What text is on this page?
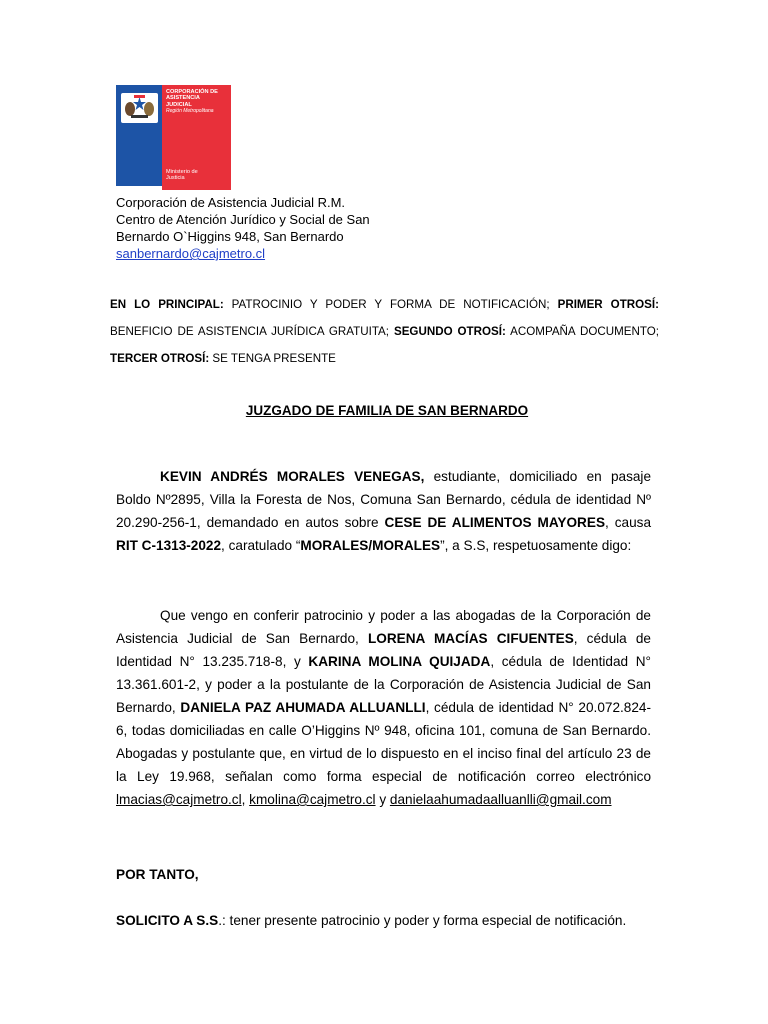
CORPORACIÓN DE
ASISTENCIA
JUDICIAL
Región Metropolitana
Ministerio de
Justicia
Corporación de Asistencia Judicial R.M.
Centro de Atención Jurídico y Social de San
Bernardo O`Higgins 948, San Bernardo
sanbernardo@cajmetro.cl
EN LO PRINCIPAL: PATROCINIO Y PODER Y FORMA DE NOTIFICACIÓN; PRIMER OTROSÍ: BENEFICIO DE ASISTENCIA JURÍDICA GRATUITA; SEGUNDO OTROSÍ: ACOMPAÑA DOCUMENTO; TERCER OTROSÍ: SE TENGA PRESENTE
JUZGADO DE FAMILIA DE SAN BERNARDO
KEVIN ANDRÉS MORALES VENEGAS, estudiante, domiciliado en pasaje Boldo Nº2895, Villa la Foresta de Nos, Comuna San Bernardo, cédula de identidad Nº 20.290-256-1, demandado en autos sobre CESE DE ALIMENTOS MAYORES, causa RIT C-1313-2022, caratulado “MORALES/MORALES”, a S.S, respetuosamente digo:
Que vengo en conferir patrocinio y poder a las abogadas de la Corporación de Asistencia Judicial de San Bernardo, LORENA MACÍAS CIFUENTES, cédula de Identidad N° 13.235.718-8, y KARINA MOLINA QUIJADA, cédula de Identidad N° 13.361.601-2, y poder a la postulante de la Corporación de Asistencia Judicial de San Bernardo, DANIELA PAZ AHUMADA ALLUANLLI, cédula de identidad N° 20.072.824-6, todas domiciliadas en calle O’Higgins Nº 948, oficina 101, comuna de San Bernardo. Abogadas y postulante que, en virtud de lo dispuesto en el inciso final del artículo 23 de la Ley 19.968, señalan como forma especial de notificación correo electrónico lmacias@cajmetro.cl, kmolina@cajmetro.cl y danielaahumadaalluanlli@gmail.com
POR TANTO,
SOLICITO A S.S.: tener presente patrocinio y poder y forma especial de notificación.
